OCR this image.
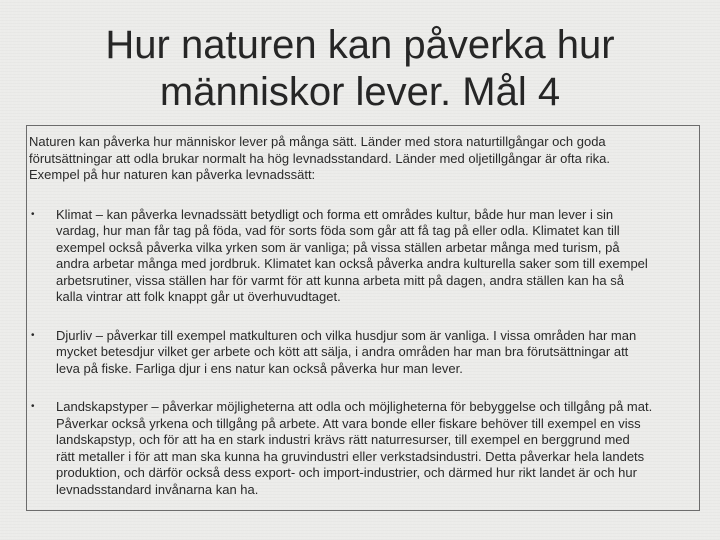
Hur naturen kan påverka hur
människor lever. Mål 4

Naturen kan påverka hur människor lever på många sätt. Länder med stora naturtillgångar och goda
förutsättningar att odla brukar normalt ha hög levnadsstandard. Länder med oljetillgångar är ofta rika.
Exempel på hur naturen kan påverka levnadssätt:

• Klimat – kan påverka levnadssätt betydligt och forma ett områdes kultur, både hur man lever i sin
vardag, hur man får tag på föda, vad för sorts föda som går att få tag på eller odla. Klimatet kan till
exempel också påverka vilka yrken som är vanliga; på vissa ställen arbetar många med turism, på
andra arbetar många med jordbruk. Klimatet kan också påverka andra kulturella saker som till exempel
arbetsrutiner, vissa ställen har för varmt för att kunna arbeta mitt på dagen, andra ställen kan ha så
kalla vintrar att folk knappt går ut överhuvudtaget.
• Djurliv – påverkar till exempel matkulturen och vilka husdjur som är vanliga. I vissa områden har man
mycket betesdjur vilket ger arbete och kött att sälja, i andra områden har man bra förutsättningar att
leva på fiske. Farliga djur i ens natur kan också påverka hur man lever.
• Landskapstyper – påverkar möjligheterna att odla och möjligheterna för bebyggelse och tillgång på mat.
Påverkar också yrkena och tillgång på arbete. Att vara bonde eller fiskare behöver till exempel en viss
landskapstyp, och för att ha en stark industri krävs rätt naturresurser, till exempel en berggrund med
rätt metaller i för att man ska kunna ha gruvindustri eller verkstadsindustri. Detta påverkar hela landets
produktion, och därför också dess export- och import-industrier, och därmed hur rikt landet är och hur
levnadsstandard invånarna kan ha.
